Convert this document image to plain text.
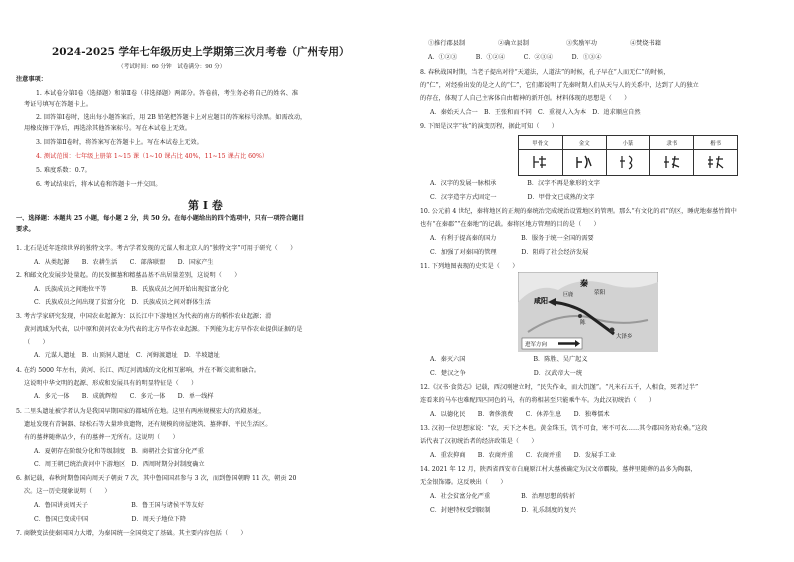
2024-2025 学年七年级历史上学期第三次月考卷（广州专用）
（考试时间：60 分钟　试卷满分：90 分）
注意事项：
1. 本试卷分第Ⅰ卷（选择题）和第Ⅱ卷（非选择题）两部分。答卷前，考生务必将自己的姓名、准
考证号填写在答题卡上。
2. 回答第Ⅰ卷时，选出每小题答案后，用 2B 铅笔把答题卡上对应题目的答案标号涂黑。如需改动，
用橡皮擦干净后，再选涂其他答案标号。写在本试卷上无效。
3. 回答第Ⅱ卷时，将答案写在答题卡上。写在本试卷上无效。
4. 测试范围：七年级上册第 1~15 课（1~10 课占比 40%，11~15 课占比 60%）
5. 难度系数：0.7。
6. 考试结束后，将本试卷和答题卡一并交回。
第 I 卷
一、选择题：本题共 25 小题，每小题 2 分，共 50 分。在每小题给出的四个选项中，只有一项符合题目
要求。
1. 北石是近年连续世界的独特文字。考古学者发现的元谋人和北京人的“独特文字”可用于研究（　　）
A．从类起源　　B．农耕生活　　C．部落联盟　　D．国家产生
2. 和邮文化发展步处量起。的民发掘墓和精墓品基不出居量差别，这说明（　　）
A．氏族成员之间地位平等　　　　B．氏族成员之间开始出现贫富分化
C．氏族成员之间出现了贫富分化　D．氏族成员之间对群体生活
3. 考古学家研究发现，中国农业起源为：以长江中下游地区为代表的南方的稻作农业起源；滑
黄河流域为代表，以中原和黄河农业为代表的北方旱作农业起源。下列能为北方旱作农业提供证据的是
（　　）
A．元谋人遗址　B．山顶洞人遗址　C．河姆渡遗址　D．半坡遗址
4. 在约 5000 年左右，黄河、长江、西辽河流域的文化相互影响，并在不断交流和融合。
这说明中华文明的起源、形成和发展具有的明显特征是（　　）
A．多元一体　　B．成就辉煌　　C．多元一体　　D．单一线样
5. 二里头遗址被学者认为是我国早期国家的都城所在地。这里有两座规模宏大的宫殿基址，
遗址发现有青铜器、绿松石等大量珍贵遗物，还有规模的房屋建筑、墓葬群、平民生活区。
有的墓葬随葬品少，有的墓葬一无所有。这说明（　　）
A．夏朝存在阶级分化和等级制度　B．商朝社会贫富分化严重
C．周王朝已统治黄河中下游地区　D．西周时期分封制度确立
6. 据记载，春秋时期鲁国向周天子朝贡 7 次，其中鲁国国君参与 3 次，而到鲁国朝聘 11 次，朝贡 20
次。这一历史现象说明（　　）
A．鲁国讲贡周天子　　　　　　　B．鲁王国与诸侯平等友好
C．鲁国已变成中国　　　　　　　D．周天子地位下降
7. 商鞅变法使秦国国力大增，为秦国统一全国奠定了基础。其主要内容包括（　　）
①推行郡县制	②确立县制	③奖励军功	④焚烧书籍
A．①②③　　　B．①②④　　　C．②③④　　　D．①③④
8. 春秋战国时期，当老子提出对待“天道法，人道法”的时候，孔子早在“人而无仁”的时候，
的“仁”，对经验出发的是之人的“仁”，它们都说明了先秦时期人们从天与人的关系中，达到了人的独立
的存在，体现了人自己主客体自由精神的新开创。材料体现的思想是（　　）
A．秦始天人合一　B．王张和而不同　C．重视人入为本　D．追求顺应自然
9. 下图是汉字“妆”的演变历程，据此可知（　　）
甲骨文	金文	小篆	隶书	楷书

A．汉字的发展一脉相承　　　　　B．汉字不再是象形的文字
C．汉字造字方式固定一　　　　　D．甲骨文已成熟的文字
10. 公元前 4 世纪，秦将地区的正规的秦统治完成统治设置地区的管理。那么“有文化的君”的区，睡虎地秦墓竹简中
也有“在秦郡”“在秦地”的记载。秦将区地方管理的目的是（　　）
A．有利于提高秦的国力　　　　B．服务于统一全国的需要
C．加强了对秦国的管理　　　　D．阻碍了社会经济发展
11. 下列地图表现的史实是（　　）
咸阳
秦
巨鹿	荥阳
陈
大泽乡
进军方向
A．秦灭六国　　　　　　　　　　　B．陈胜、吴广起义
C．楚汉之争　　　　　　　　　　　D．汉武帝大一统
12.《汉书·食货志》记载，西汉刚建立时，“民失作业，而大饥馑”。“凡米石五千，人相食，死者过半”
连看来的马车也难配四匹同色的马，有的将相甚至只能乘牛车。为此汉初统治（　　）
A．以德化民　　B．奢侈浪费　　C．休养生息　　D．独尊儒术
13. 汉初一位思想家说：“农，天下之本也。黄金珠玉，饥不可食，寒不可衣……其令郡国务劝农桑。”这段
话代表了汉初统治者的经济政策是（　　）
A．重农抑商　　B．农商并重　　C．农商并重　　D．发展手工业
14. 2021 年 12 月，陕西省西安市白鹿原江村大墓被确定为汉文帝霸陵，墓葬里随葬的品多为陶器，
无金银饰器。这反映出（　　）
A．社会贫富分化严重　　　　　B．治理思想的转折
C．封建特权受到限制　　　　　D．礼乐制度的复兴
